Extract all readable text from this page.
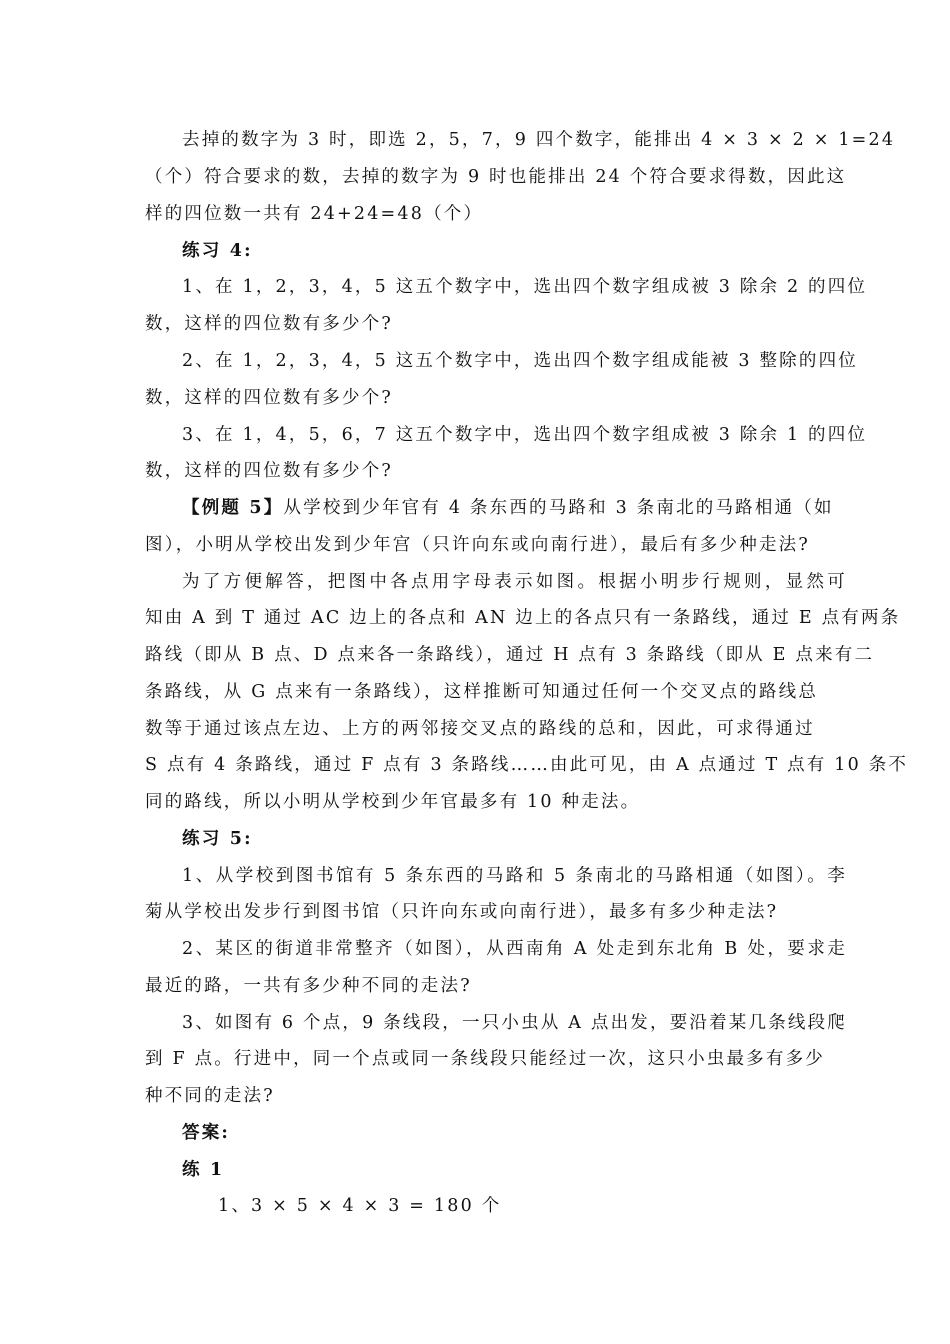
去掉的数字为 3 时，即选 2，5，7，9 四个数字，能排出 4 × 3 × 2 × 1=24
（个）符合要求的数，去掉的数字为 9 时也能排出 24 个符合要求得数，因此这
样的四位数一共有 24+24=48（个）
练习 4:
1、在 1，2，3，4，5 这五个数字中，选出四个数字组成被 3 除余 2 的四位
数，这样的四位数有多少个?
2、在 1，2，3，4，5 这五个数字中，选出四个数字组成能被 3 整除的四位
数，这样的四位数有多少个?
3、在 1，4，5，6，7 这五个数字中，选出四个数字组成被 3 除余 1 的四位
数，这样的四位数有多少个?
【例题 5】从学校到少年官有 4 条东西的马路和 3 条南北的马路相通（如
图），小明从学校出发到少年宫（只许向东或向南行进），最后有多少种走法?
为了方便解答，把图中各点用字母表示如图。根据小明步行规则，显然可
知由 A 到 T 通过 AC 边上的各点和 AN 边上的各点只有一条路线，通过 E 点有两条
路线（即从 B 点、D 点来各一条路线），通过 H 点有 3 条路线（即从 E 点来有二
条路线，从 G 点来有一条路线），这样推断可知通过任何一个交叉点的路线总
数等于通过该点左边、上方的两邻接交叉点的路线的总和，因此，可求得通过
S 点有 4 条路线，通过 F 点有 3 条路线……由此可见，由 A 点通过 T 点有 10 条不
同的路线，所以小明从学校到少年官最多有 10 种走法。
练习 5:
1、从学校到图书馆有 5 条东西的马路和 5 条南北的马路相通（如图）。李
菊从学校出发步行到图书馆（只许向东或向南行进），最多有多少种走法?
2、某区的街道非常整齐（如图），从西南角 A 处走到东北角 B 处，要求走
最近的路，一共有多少种不同的走法?
3、如图有 6 个点，9 条线段，一只小虫从 A 点出发，要沿着某几条线段爬
到 F 点。行进中，同一个点或同一条线段只能经过一次，这只小虫最多有多少
种不同的走法?
答案:
练 1
1、3 × 5 × 4 × 3 = 180 个
